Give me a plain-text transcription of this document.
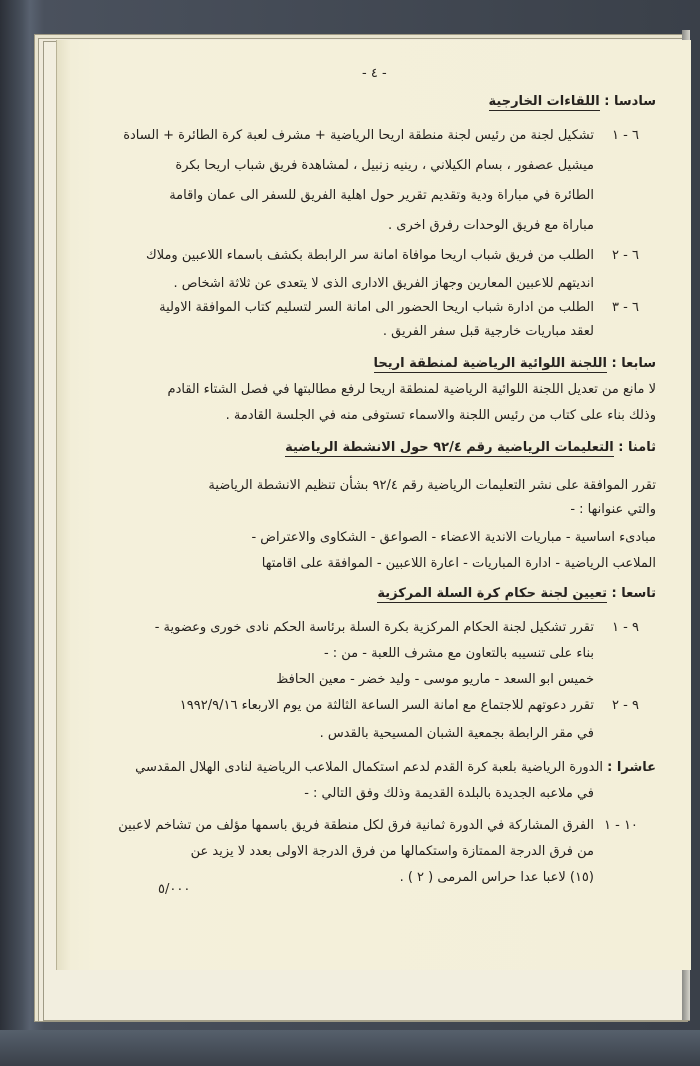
- ٤ -
سادسا : اللقاءات الخارجية
٦ - ١
تشكيل لجنة من رئيس لجنة منطقة اريحا الرياضية + مشرف لعبة كرة الطائرة + السادة
ميشيل عصفور ، بسام الكيلاني ، رينيه زنبيل ، لمشاهدة فريق شباب اريحا بكرة
الطائرة في مباراة ودية وتقديم تقرير حول اهلية الفريق للسفر الى عمان واقامة
مباراة مع فريق الوحدات رفرق اخرى .
٦ - ٢
الطلب من فريق شباب اريحا موافاة امانة سر الرابطة بكشف باسماء اللاعبين وملاك
انديتهم للاعبين المعارين وجهاز الفريق الادارى الذى لا يتعدى عن ثلاثة اشخاص .
٦ - ٣
الطلب من ادارة شباب اريحا الحضور الى امانة السر لتسليم كتاب الموافقة الاولية
لعقد مباريات خارجية قبل سفر الفريق .
سابعا : اللجنة اللوائية الرياضية لمنطقة اريحا
لا مانع من تعديل اللجنة اللوائية الرياضية لمنطقة اريحا لرفع مطالبتها في فصل الشتاء القادم
وذلك بناء على كتاب من رئيس اللجنة والاسماء تستوفى منه في الجلسة القادمة .
ثامنا : التعليمات الرياضية رقم ٩٢/٤ حول الانشطة الرياضية
تقرر الموافقة على نشر التعليمات الرياضية رقم ٩٢/٤ بشأن تنظيم الانشطة الرياضية
والتي عنوانها : -
مبادىء اساسية - مباريات الاندية الاعضاء - الصواعق - الشكاوى والاعتراض -
الملاعب الرياضية - ادارة المباريات - اعارة اللاعبين - الموافقة على اقامتها
تاسعا : تعيين لجنة حكام كرة السلة المركزية
٩ - ١
تقرر تشكيل لجنة الحكام المركزية بكرة السلة برئاسة الحكم نادى خورى وعضوية -
بناء على تنسيبه بالتعاون مع مشرف اللعبة - من : -
خميس ابو السعد - ماريو موسى - وليد خضر - معين الحافظ
٩ - ٢
تقرر دعوتهم للاجتماع مع امانة السر الساعة الثالثة من يوم الاربعاء ١٩٩٢/٩/١٦
في مقر الرابطة بجمعية الشبان المسيحية بالقدس .
عاشرا : الدورة الرياضية بلعبة كرة القدم لدعم استكمال الملاعب الرياضية لنادى الهلال المقدسي
في ملاعبه الجديدة بالبلدة القديمة وذلك وفق التالي : -
١٠ - ١
الفرق المشاركة في الدورة ثمانية فرق لكل منطقة فريق باسمها مؤلف من تشاخم لاعبين
من فرق الدرجة الممتازة واستكمالها من فرق الدرجة الاولى بعدد لا يزيد عن
(١٥) لاعبا عدا حراس المرمى ( ٢ ) .
٥/٠٠٠
